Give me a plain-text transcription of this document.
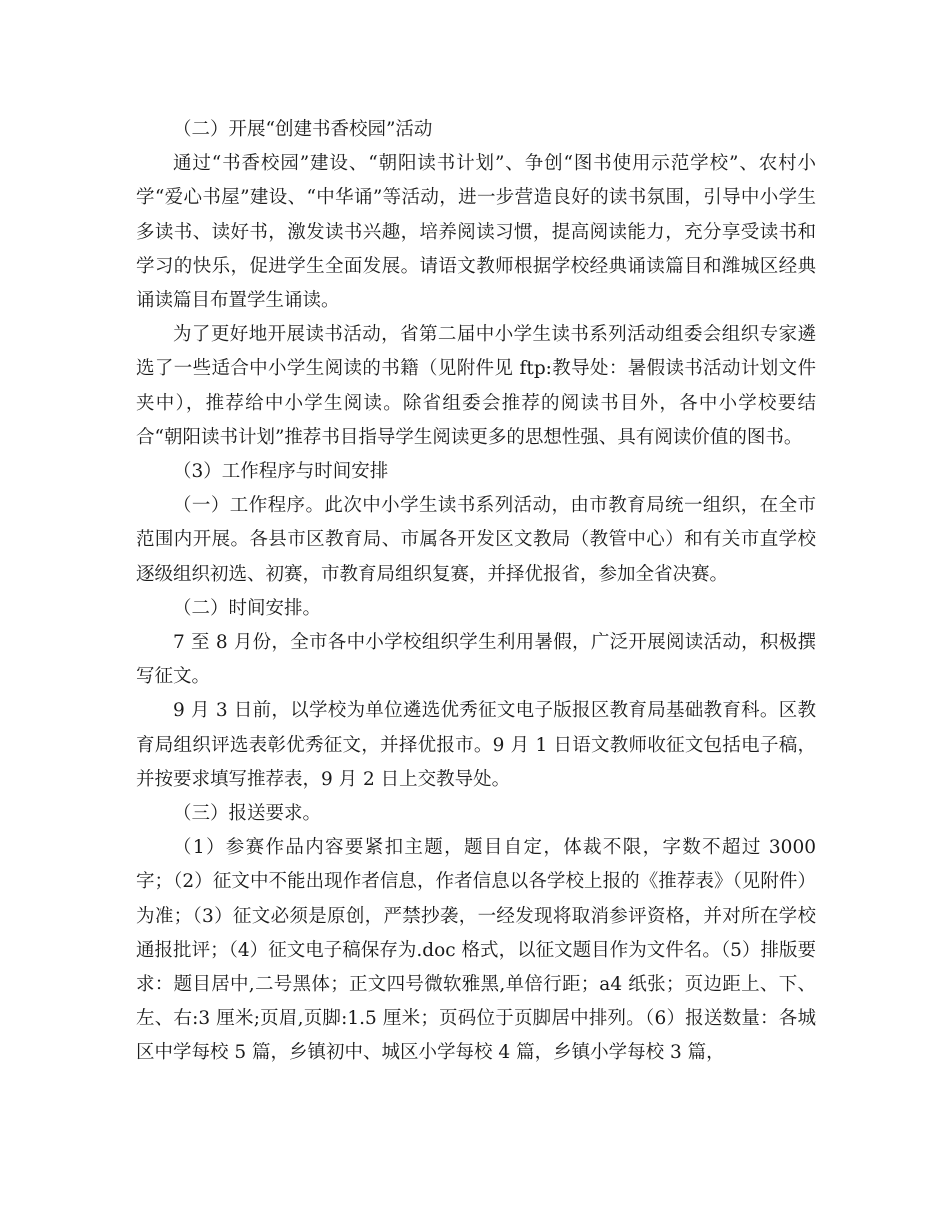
（二）开展“创建书香校园”活动

通过“书香校园”建设、“朝阳读书计划”、争创“图书使用示范学校”、农村小学“爱心书屋”建设、“中华诵”等活动，进一步营造良好的读书氛围，引导中小学生多读书、读好书，激发读书兴趣，培养阅读习惯，提高阅读能力，充分享受读书和学习的快乐，促进学生全面发展。请语文教师根据学校经典诵读篇目和潍城区经典诵读篇目布置学生诵读。

为了更好地开展读书活动，省第二届中小学生读书系列活动组委会组织专家遴选了一些适合中小学生阅读的书籍（见附件见 ftp:教导处：暑假读书活动计划文件夹中），推荐给中小学生阅读。除省组委会推荐的阅读书目外，各中小学校要结合“朝阳读书计划”推荐书目指导学生阅读更多的思想性强、具有阅读价值的图书。

（3）工作程序与时间安排

（一）工作程序。此次中小学生读书系列活动，由市教育局统一组织，在全市范围内开展。各县市区教育局、市属各开发区文教局（教管中心）和有关市直学校逐级组织初选、初赛，市教育局组织复赛，并择优报省，参加全省决赛。

（二）时间安排。

7 至 8 月份，全市各中小学校组织学生利用暑假，广泛开展阅读活动，积极撰写征文。

9 月 3 日前，以学校为单位遴选优秀征文电子版报区教育局基础教育科。区教育局组织评选表彰优秀征文，并择优报市。9 月 1 日语文教师收征文包括电子稿，并按要求填写推荐表，9 月 2 日上交教导处。

（三）报送要求。

（1）参赛作品内容要紧扣主题，题目自定，体裁不限，字数不超过 3000 字；（2）征文中不能出现作者信息，作者信息以各学校上报的《推荐表》（见附件）为准；（3）征文必须是原创，严禁抄袭，一经发现将取消参评资格，并对所在学校通报批评；（4）征文电子稿保存为.doc 格式，以征文题目作为文件名。（5）排版要求：题目居中,二号黑体；正文四号微软雅黑,单倍行距；a4 纸张；页边距上、下、左、右:3 厘米;页眉,页脚:1.5 厘米；页码位于页脚居中排列。（6）报送数量：各城区中学每校 5 篇，乡镇初中、城区小学每校 4 篇，乡镇小学每校 3 篇，
